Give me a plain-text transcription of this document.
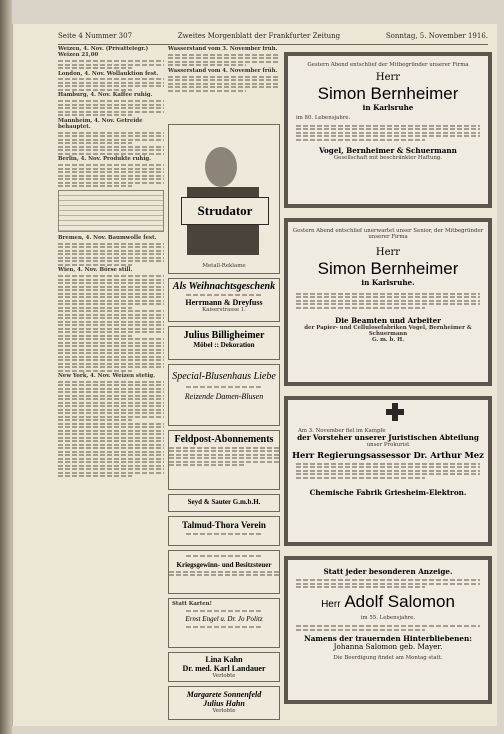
Seite 4 Nummer 307	Zweites Morgenblatt der Frankfurter Zeitung	Sonntag, 5. November 1916.
Weizen, 4. Nov. (Privattelegr.) Weizen 21,00
London, 4. Nov. Wollauktion fest.
Hamburg, 4. Nov. Kaffee ruhig.
Mannheim, 4. Nov. Getreide behauptet.
Berlin, 4. Nov. Produkte ruhig.
Bremen, 4. Nov. Baumwolle fest.
Wien, 4. Nov. Börse still.
New York, 4. Nov. Weizen stetig.
Wasserstand vom 3. November früh.
Wasserstand vom 4. November früh.
Strudator
Metall-Reklame
Als Weihnachtsgeschenk
Herrmann & Dreyfuss
Kaiserstrasse 1.
Julius Billigheimer
Möbel :: Dekoration
Special-Blusenhaus Liebe
Reizende Damen-Blusen
Feldpost-Abonnements
Seyd & Sauter G.m.b.H.
Talmud-Thora Verein
Kriegsgewinn- und Besitzsteuer
Statt Karten!
Ernst Engel u. Dr. Jo Politz
Lina Kahn
Dr. med. Karl Landauer
Verlobte
Margarete Sonnenfeld
Julius Hahn
Verlobte
Gestern Abend entschlief der Mitbegründer unserer Firma
Herr
Simon Bernheimer
in Karlsruhe
im 80. Lebensjahre.
Vogel, Bernheimer & Schuermann
Gesellschaft mit beschränkter Haftung.
Gestern Abend entschlief unerwartet unser Senior, der Mitbegründer unserer Firma
Herr
Simon Bernheimer
in Karlsruhe.
Die Beamten und Arbeiter
der Papier- und Cellulosefabriken Vogel, Bernheimer & Schuermann
G. m. b. H.
Am 3. November fiel im Kampfe
der Vorsteher unserer Juristischen Abteilung
unser Prokurist
Herr Regierungsassessor Dr. Arthur Mez
Chemische Fabrik Griesheim-Elektron.
Statt jeder besonderen Anzeige.
Herr Adolf Salomon
im 55. Lebensjahre.
Namens der trauernden Hinterbliebenen:
Johanna Salomon geb. Mayer.
Die Beerdigung findet am Montag statt.
